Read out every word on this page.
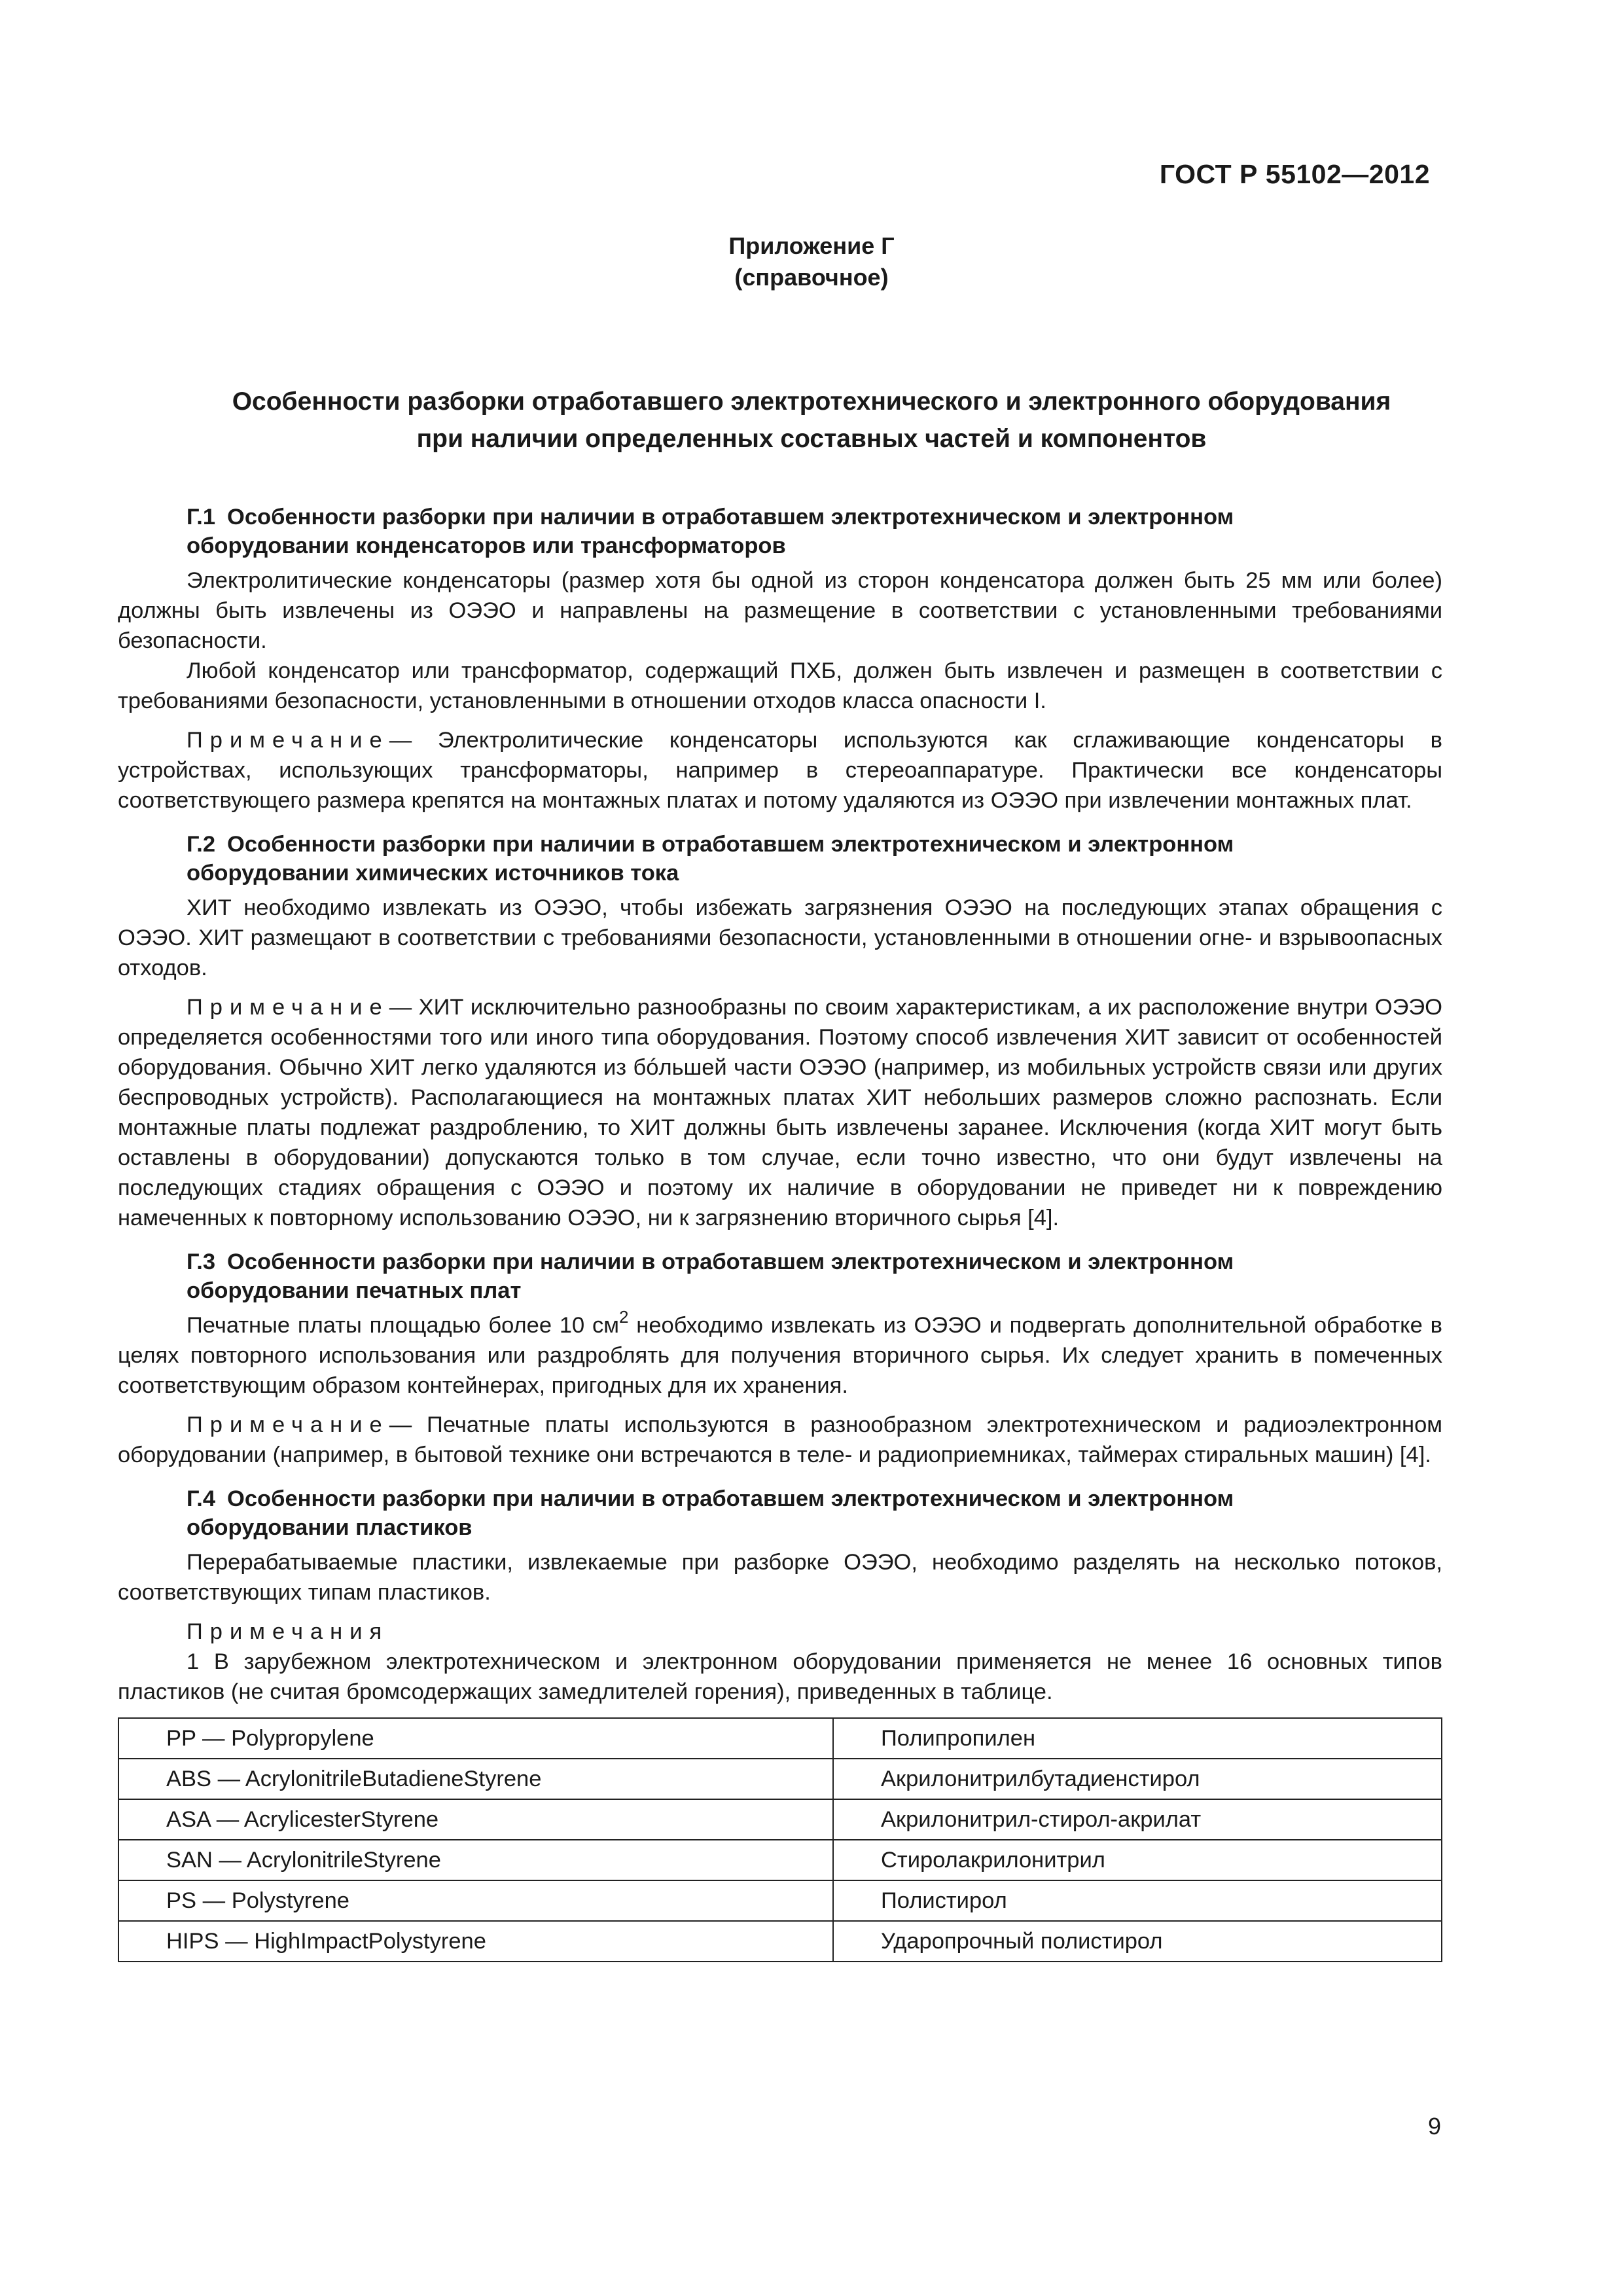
ГОСТ Р 55102—2012
Приложение Г
(справочное)
Особенности разборки отработавшего электротехнического и электронного оборудования
при наличии определенных составных частей и компонентов
Г.1 Особенности разборки при наличии в отработавшем электротехническом и электронном
оборудовании конденсаторов или трансформаторов

Электролитические конденсаторы (размер хотя бы одной из сторон конденсатора должен быть 25 мм или более) должны быть извлечены из ОЭЭО и направлены на размещение в соответствии с установленными требованиями безопасности.

Любой конденсатор или трансформатор, содержащий ПХБ, должен быть извлечен и размещен в соответствии с требованиями безопасности, установленными в отношении отходов класса опасности I.

Примечание— Электролитические конденсаторы используются как сглаживающие конденсаторы в устройствах, использующих трансформаторы, например в стереоаппаратуре. Практически все конденсаторы соответствующего размера крепятся на монтажных платах и потому удаляются из ОЭЭО при извлечении монтажных плат.

Г.2 Особенности разборки при наличии в отработавшем электротехническом и электронном
оборудовании химических источников тока

ХИТ необходимо извлекать из ОЭЭО, чтобы избежать загрязнения ОЭЭО на последующих этапах обращения с ОЭЭО. ХИТ размещают в соответствии с требованиями безопасности, установленными в отношении огне- и взрывоопасных отходов.

Примечание— ХИТ исключительно разнообразны по своим характеристикам, а их расположение внутри ОЭЭО определяется особенностями того или иного типа оборудования. Поэтому способ извлечения ХИТ зависит от особенностей оборудования. Обычно ХИТ легко удаляются из бóльшей части ОЭЭО (например, из мобильных устройств связи или других беспроводных устройств). Располагающиеся на монтажных платах ХИТ небольших размеров сложно распознать. Если монтажные платы подлежат раздроблению, то ХИТ должны быть извлечены заранее. Исключения (когда ХИТ могут быть оставлены в оборудовании) допускаются только в том случае, если точно известно, что они будут извлечены на последующих стадиях обращения с ОЭЭО и поэтому их наличие в оборудовании не приведет ни к повреждению намеченных к повторному использованию ОЭЭО, ни к загрязнению вторичного сырья [4].

Г.3 Особенности разборки при наличии в отработавшем электротехническом и электронном
оборудовании печатных плат

Печатные платы площадью более 10 $см^2$ необходимо извлекать из ОЭЭО и подвергать дополнительной обработке в целях повторного использования или раздроблять для получения вторичного сырья. Их следует хранить в помеченных соответствующим образом контейнерах, пригодных для их хранения.

Примечание— Печатные платы используются в разнообразном электротехническом и радиоэлектронном оборудовании (например, в бытовой технике они встречаются в теле- и радиоприемниках, таймерах стиральных машин) [4].

Г.4 Особенности разборки при наличии в отработавшем электротехническом и электронном
оборудовании пластиков

Перерабатываемые пластики, извлекаемые при разборке ОЭЭО, необходимо разделять на несколько потоков, соответствующих типам пластиков.

Примечания

1 В зарубежном электротехническом и электронном оборудовании применяется не менее 16 основных типов пластиков (не считая бромсодержащих замедлителей горения), приведенных в таблице.

PP — Polypropylene	Полипропилен
ABS — AcrylonitrileButadieneStyrene	Акрилонитрилбутадиенстирол
ASA — AcrylicesterStyrene	Акрилонитрил-стирол-акрилат
SAN — AcrylonitrileStyrene	Стиролакрилонитрил
PS — Polystyrene	Полистирол
HIPS — HighImpactPolystyrene	Ударопрочный полистирол
9
